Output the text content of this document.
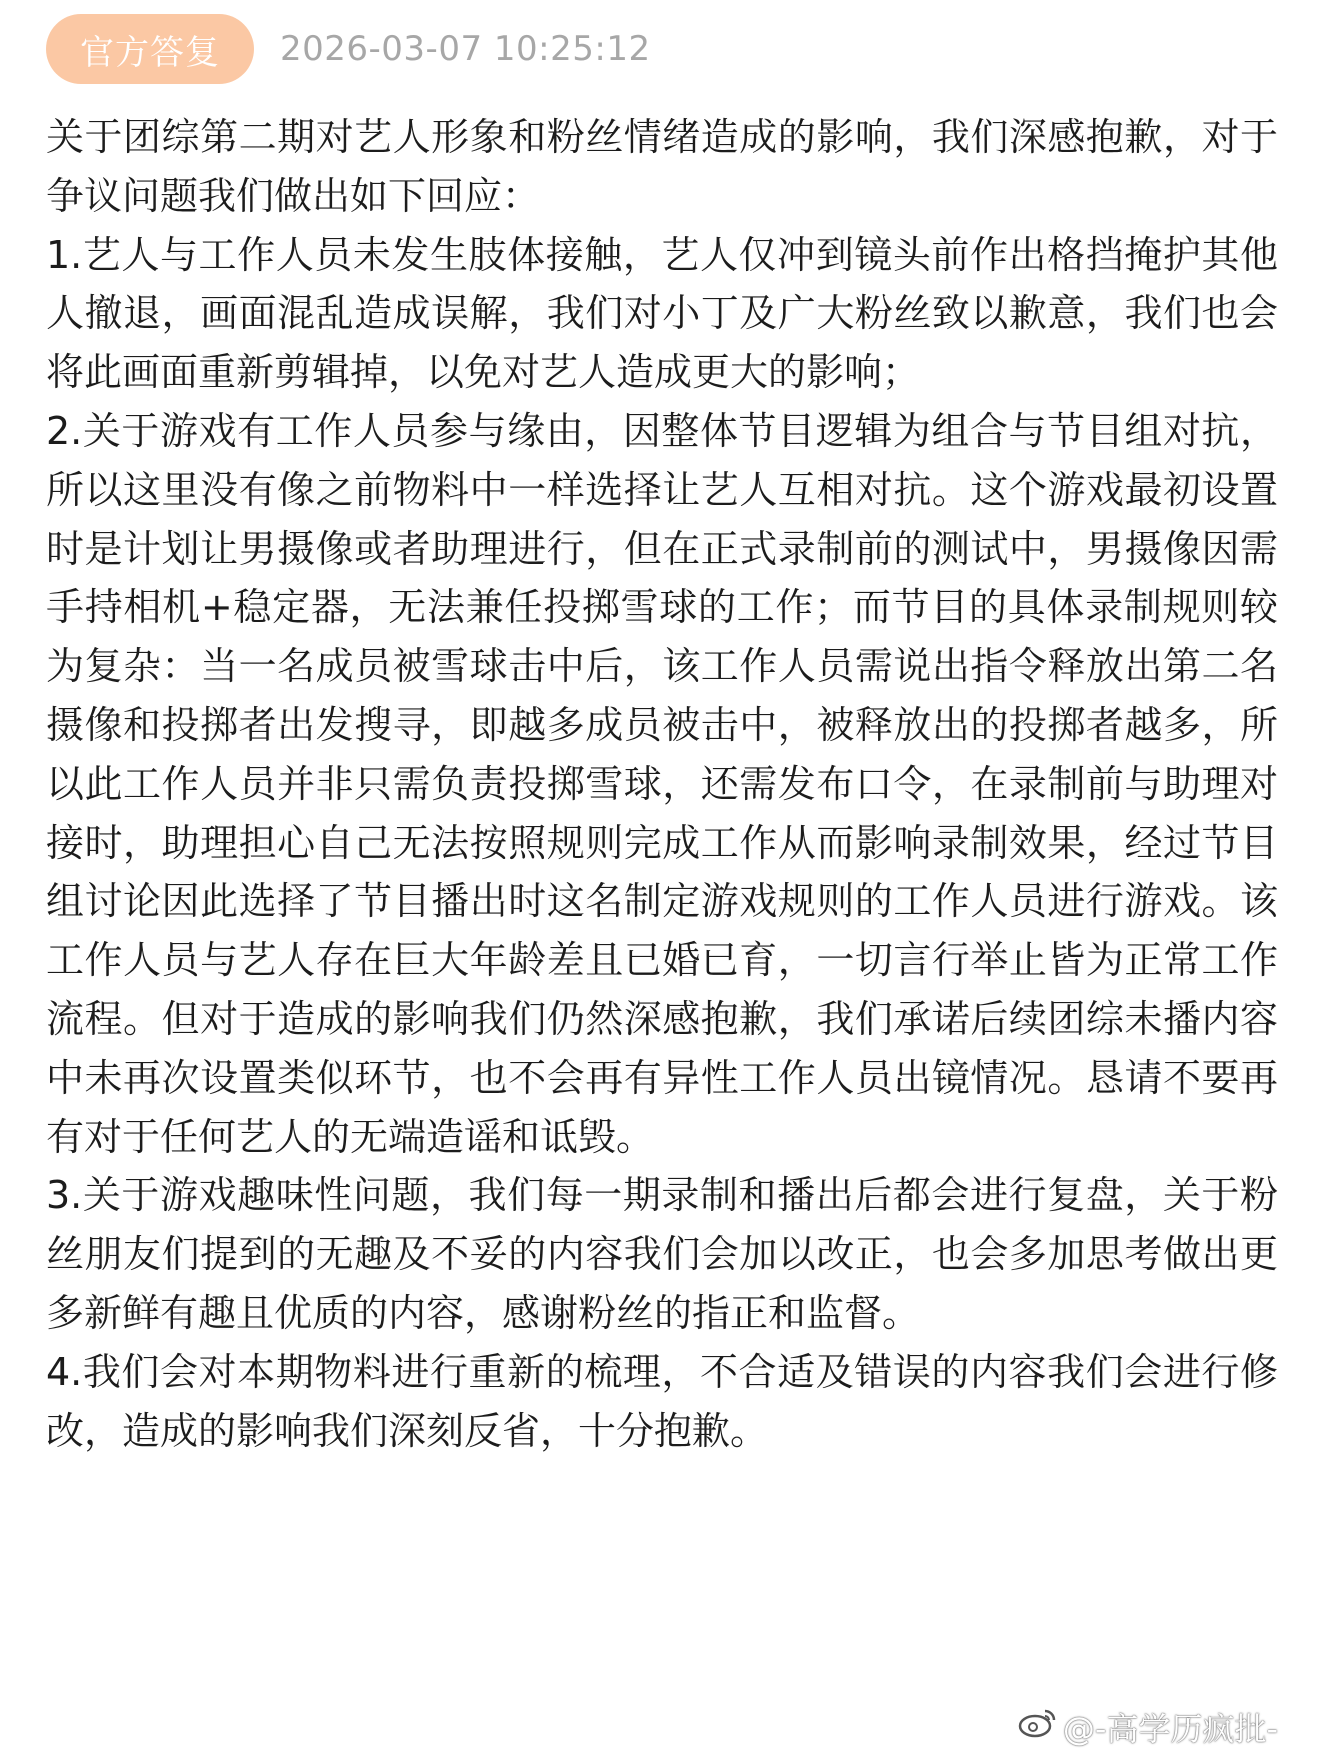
官方答复	2026-03-07 10:25:12

关于团综第二期对艺人形象和粉丝情绪造成的影响，我们深感抱歉，对于争议问题我们做出如下回应：

1.艺人与工作人员未发生肢体接触，艺人仅冲到镜头前作出格挡掩护其他人撤退，画面混乱造成误解，我们对小丁及广大粉丝致以歉意，我们也会将此画面重新剪辑掉，以免对艺人造成更大的影响；

2.关于游戏有工作人员参与缘由，因整体节目逻辑为组合与节目组对抗，所以这里没有像之前物料中一样选择让艺人互相对抗。这个游戏最初设置时是计划让男摄像或者助理进行，但在正式录制前的测试中，男摄像因需手持相机+稳定器，无法兼任投掷雪球的工作；而节目的具体录制规则较为复杂：当一名成员被雪球击中后，该工作人员需说出指令释放出第二名摄像和投掷者出发搜寻，即越多成员被击中，被释放出的投掷者越多，所以此工作人员并非只需负责投掷雪球，还需发布口令，在录制前与助理对接时，助理担心自己无法按照规则完成工作从而影响录制效果，经过节目组讨论因此选择了节目播出时这名制定游戏规则的工作人员进行游戏。该工作人员与艺人存在巨大年龄差且已婚已育，一切言行举止皆为正常工作流程。但对于造成的影响我们仍然深感抱歉，我们承诺后续团综未播内容中未再次设置类似环节，也不会再有异性工作人员出镜情况。恳请不要再有对于任何艺人的无端造谣和诋毁。

3.关于游戏趣味性问题，我们每一期录制和播出后都会进行复盘，关于粉丝朋友们提到的无趣及不妥的内容我们会加以改正，也会多加思考做出更多新鲜有趣且优质的内容，感谢粉丝的指正和监督。

4.我们会对本期物料进行重新的梳理，不合适及错误的内容我们会进行修改，造成的影响我们深刻反省，十分抱歉。

@-高学历疯批-
